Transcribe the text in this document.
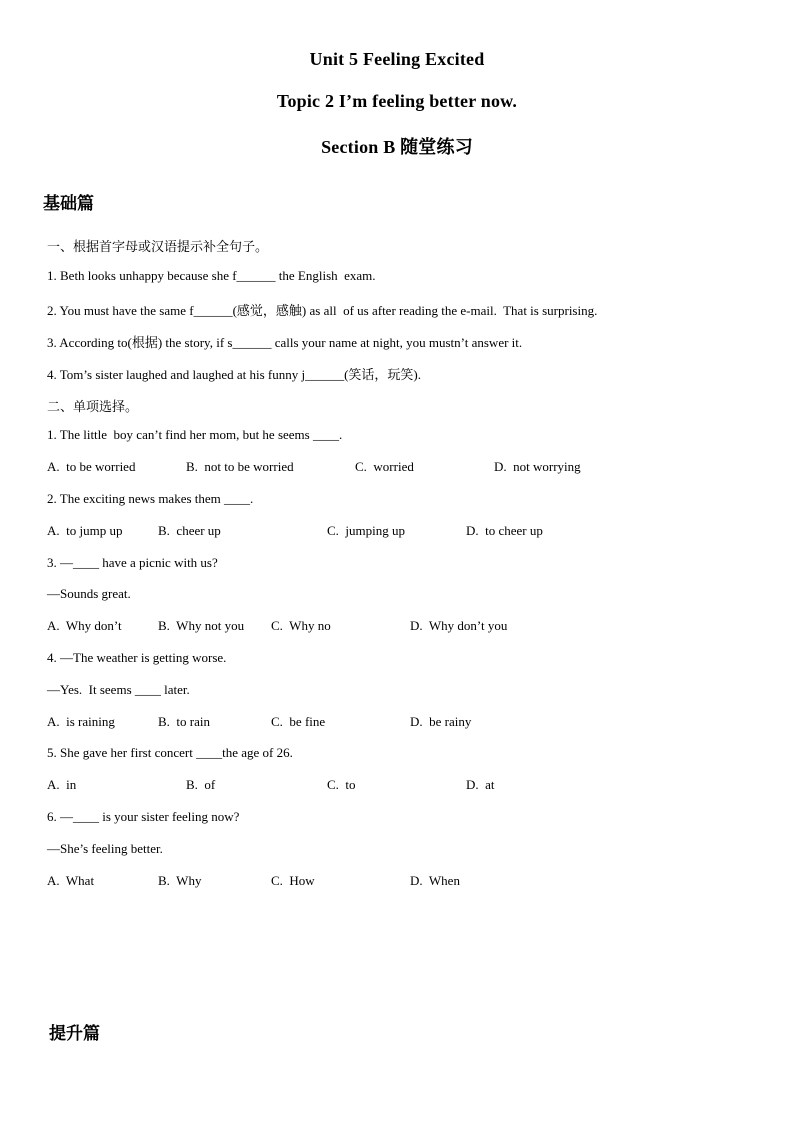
Unit 5 Feeling Excited
Topic 2 I’m feeling better now.
Section B 随堂练习
基础篇
一、根据首字母或汉语提示补全句子。
1. Beth looks unhappy because she f______ the English  exam.
2. You must have the same f______(感觉，感触) as all  of us after reading the e-mail.  That is surprising.
3. According to(根据) the story, if s______ calls your name at night, you mustn’t answer it.
4. Tom’s sister laughed and laughed at his funny j______(笑话，玩笑).
二、单项选择。
1. The little  boy can’t find her mom, but he seems ____.
A.  to be worried	B.  not to be worried	C.  worried	D.  not worrying
2. The exciting news makes them ____.
A.  to jump up	B.  cheer up	C.  jumping up	D.  to cheer up
3. —____ have a picnic with us?
—Sounds great.
A.  Why don’t	B.  Why not you C.  Why no	D.  Why don’t you
4. —The weather is getting worse.
—Yes.  It seems ____ later.
A.  is raining	B.  to rain	C.  be fine	D.  be rainy
5. She gave her first concert ____the age of 26.
A.  in	B.  of	C.  to	D.  at
6. —____ is your sister feeling now?
—She’s feeling better.
A.  What	B.  Why	C.  How	D.  When
提升篇
